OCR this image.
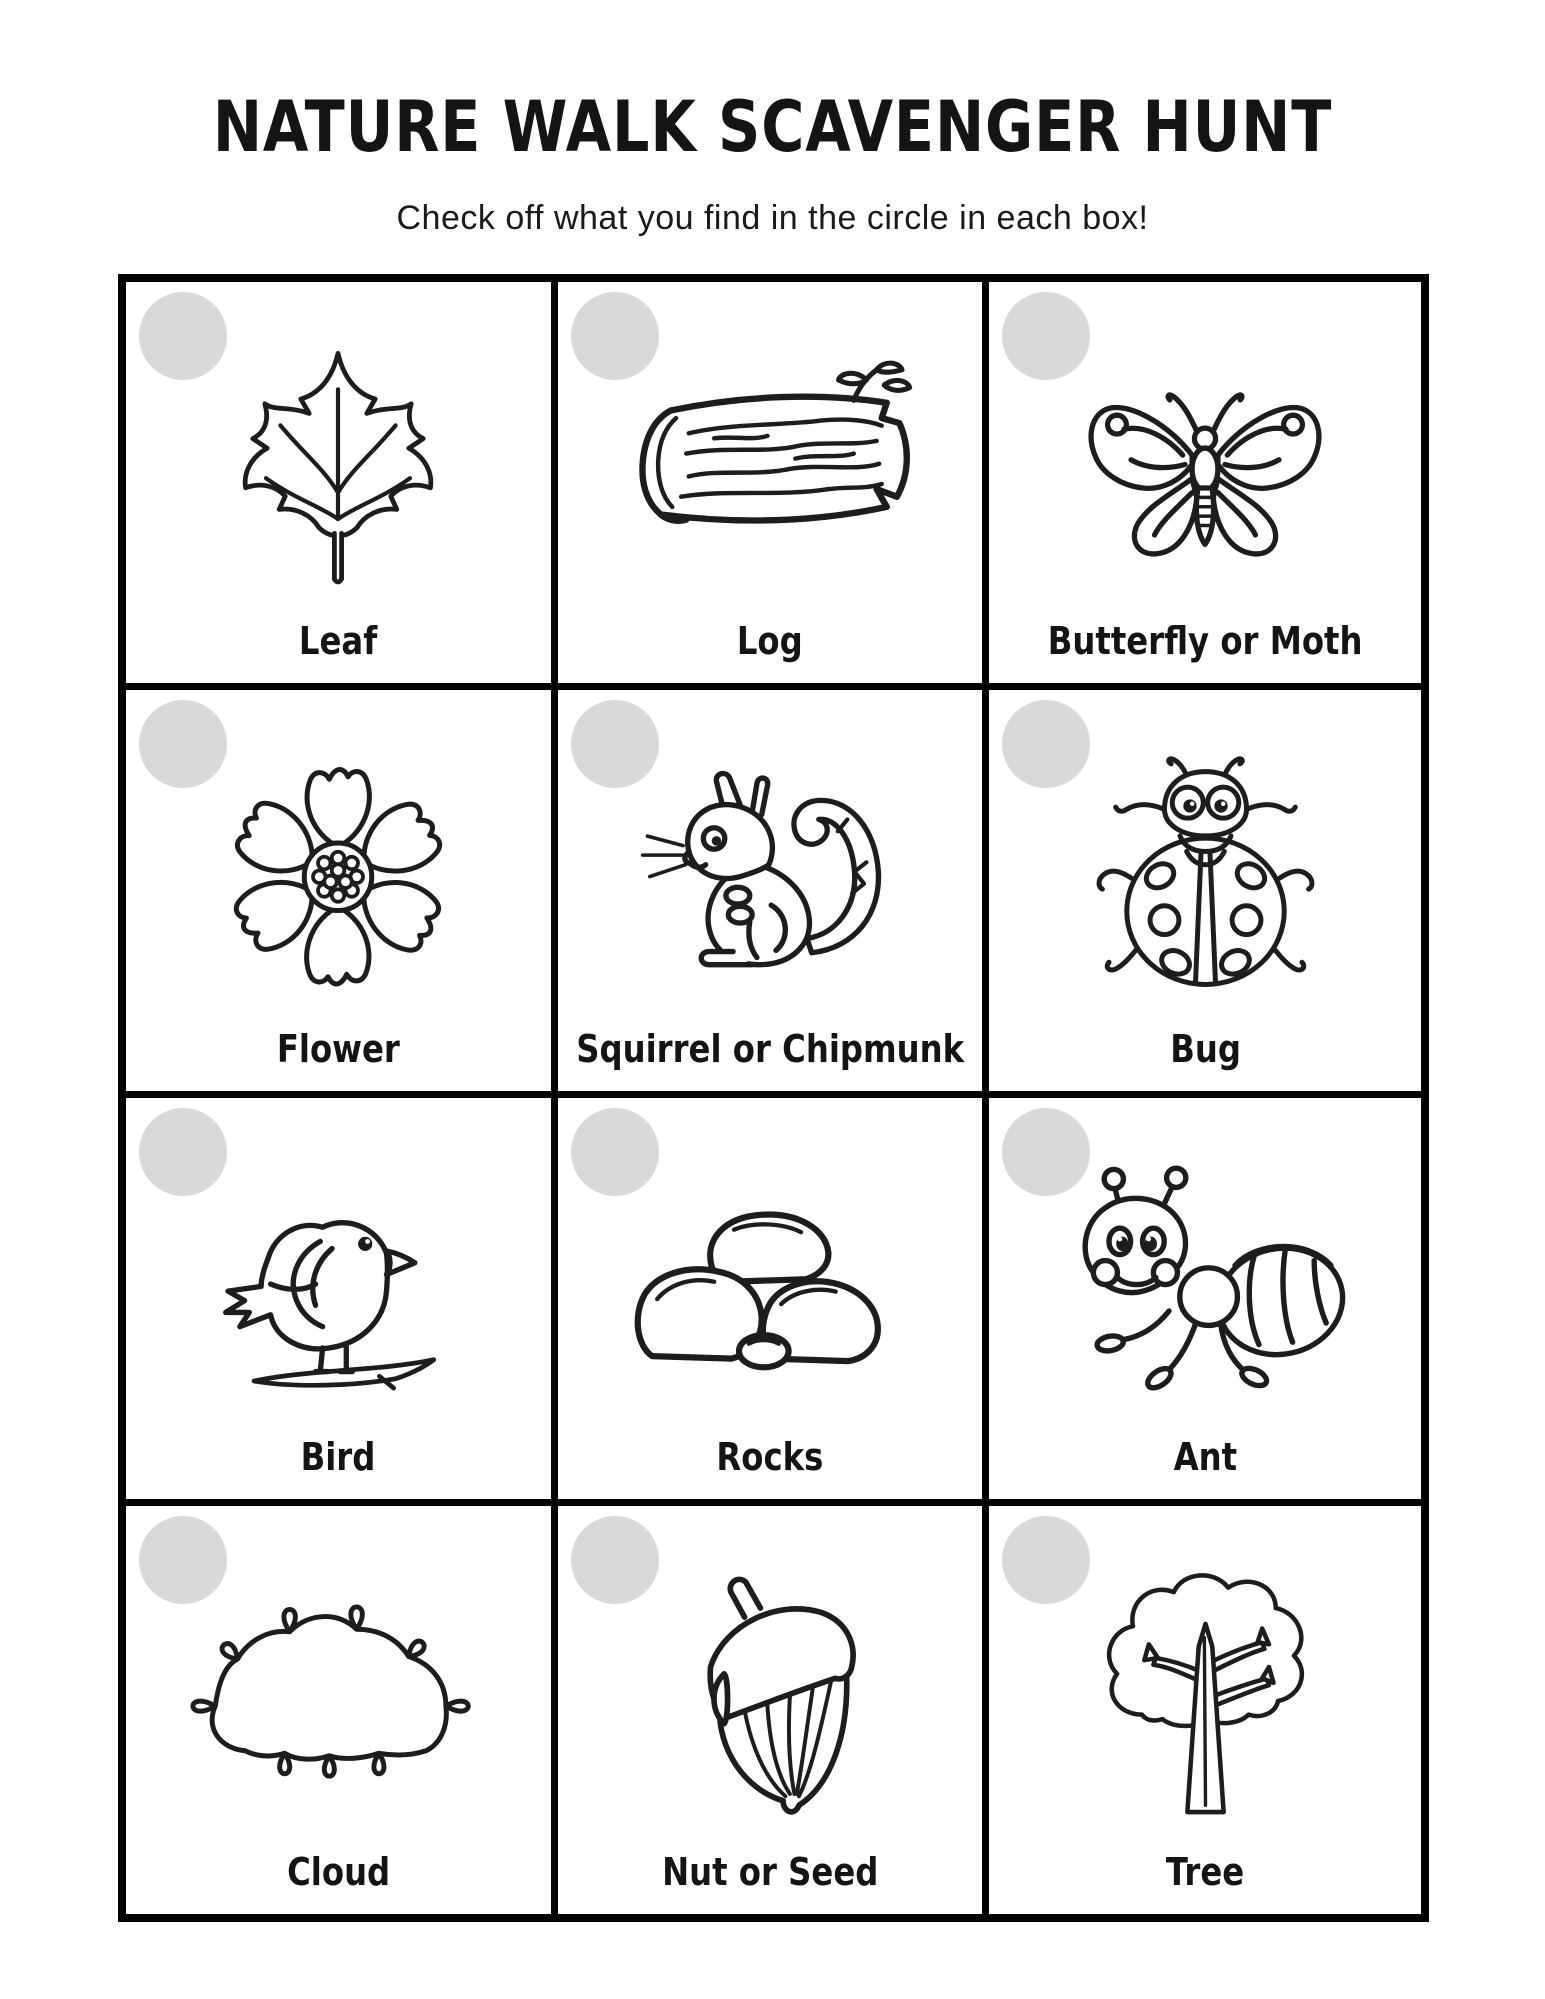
NATURE WALK SCAVENGER HUNT
Check off what you find in the circle in each box!
Leaf	Log	Butterfly or Moth
Flower	Squirrel or Chipmunk	Bug
Bird	Rocks	Ant
Cloud	Nut or Seed	Tree
